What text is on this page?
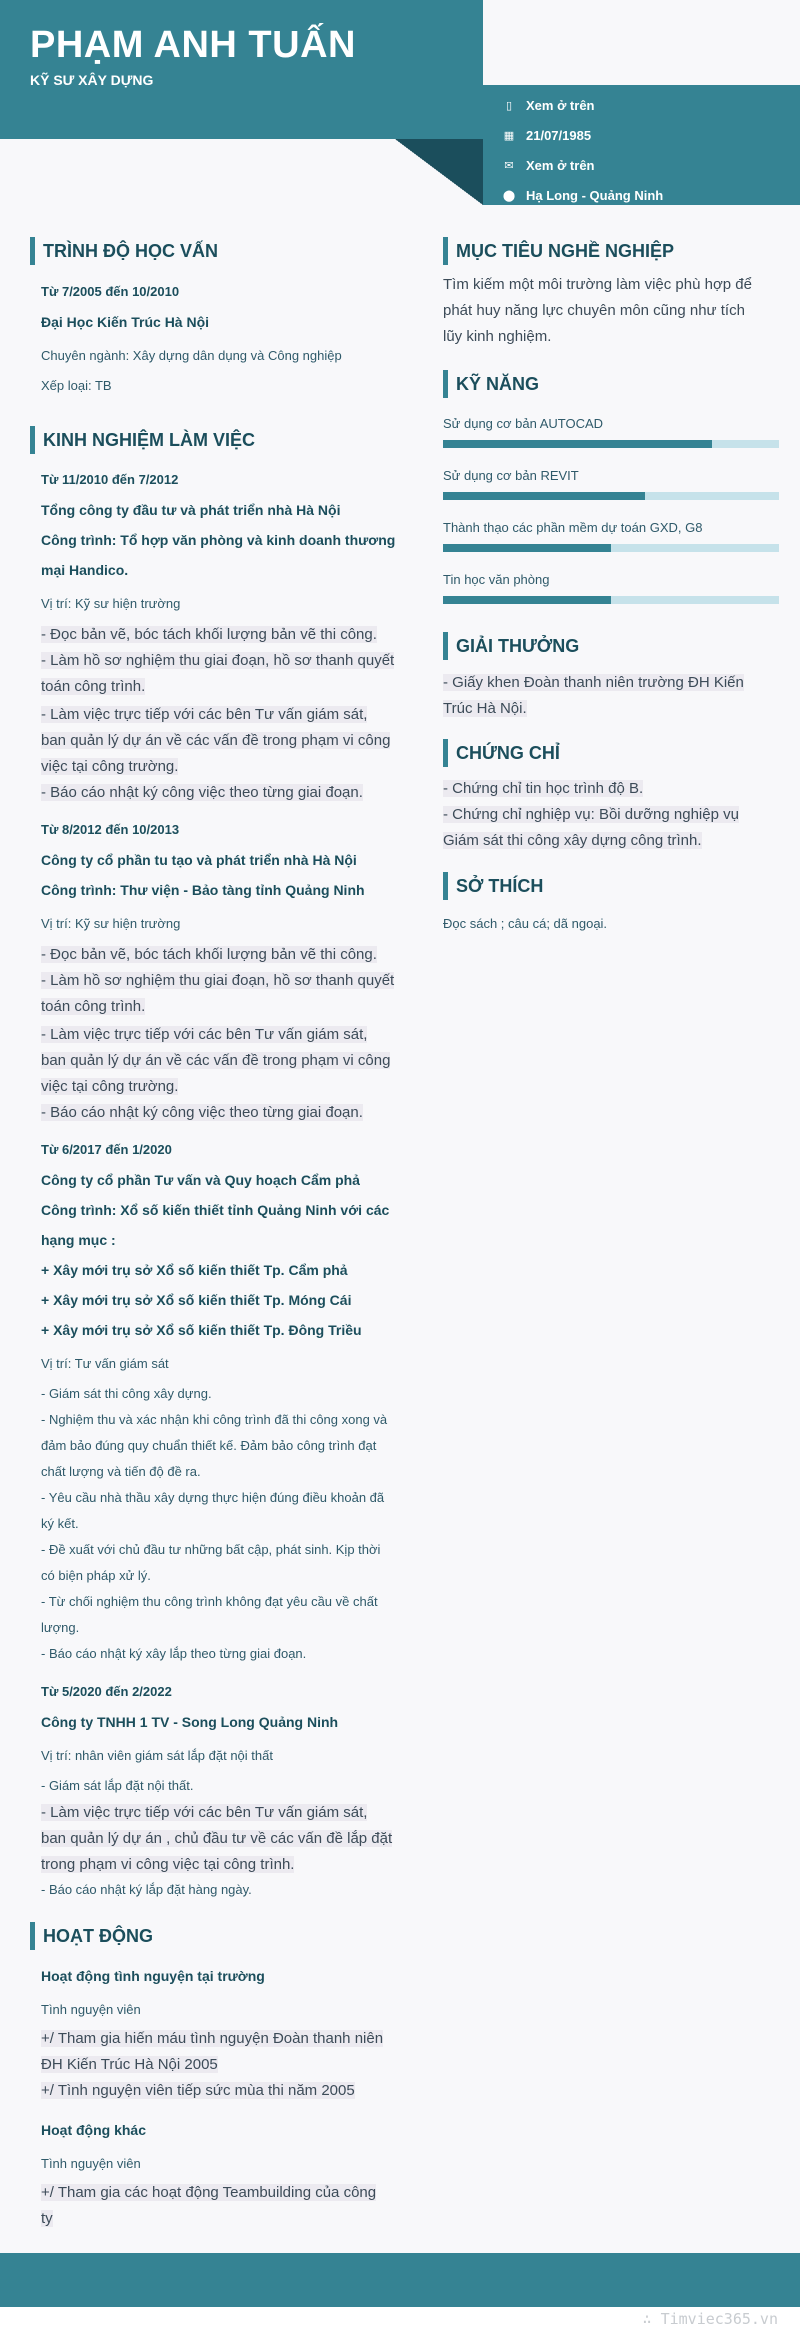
PHẠM ANH TUẤN
KỸ SƯ XÂY DỰNG
∴ Timviec365.vn
▯	Xem ở trên
▦ 21/07/1985
✉ Xem ở trên
⬤ Hạ Long - Quảng Ninh
TRÌNH ĐỘ HỌC VẤN
Từ 7/2005 đến 10/2010
Đại Học Kiến Trúc Hà Nội
Chuyên ngành: Xây dựng dân dụng và Công nghiệp
Xếp loại: TB
KINH NGHIỆM LÀM VIỆC
Từ 11/2010 đến 7/2012
Tổng công ty đầu tư và phát triển nhà Hà Nội
Công trình: Tổ hợp văn phòng và kinh doanh thương
mại Handico.
Vị trí: Kỹ sư hiện trường
- Đọc bản vẽ, bóc tách khối lượng bản vẽ thi công.
- Làm hồ sơ nghiệm thu giai đoạn, hồ sơ thanh quyết
toán công trình.
- Làm việc trực tiếp với các bên Tư vấn giám sát,
ban quản lý dự án về các vấn đề trong phạm vi công
việc tại công trường.
- Báo cáo nhật ký công việc theo từng giai đoạn.
Từ 8/2012 đến 10/2013
Công ty cổ phần tu tạo và phát triển nhà Hà Nội
Công trình: Thư viện - Bảo tàng tỉnh Quảng Ninh
Vị trí: Kỹ sư hiện trường
- Đọc bản vẽ, bóc tách khối lượng bản vẽ thi công.
- Làm hồ sơ nghiệm thu giai đoạn, hồ sơ thanh quyết
toán công trình.
- Làm việc trực tiếp với các bên Tư vấn giám sát,
ban quản lý dự án về các vấn đề trong phạm vi công
việc tại công trường.
- Báo cáo nhật ký công việc theo từng giai đoạn.
Từ 6/2017 đến 1/2020
Công ty cổ phần Tư vấn và Quy hoạch Cẩm phả
Công trình: Xổ số kiến thiết tỉnh Quảng Ninh với các
hạng mục :
+ Xây mới trụ sở Xổ số kiến thiết Tp. Cẩm phả
+ Xây mới trụ sở Xổ số kiến thiết Tp. Móng Cái
+ Xây mới trụ sở Xổ số kiến thiết Tp. Đông Triều
Vị trí: Tư vấn giám sát
- Giám sát thi công xây dựng.
- Nghiệm thu và xác nhận khi công trình đã thi công xong và
đảm bảo đúng quy chuẩn thiết kế. Đảm bảo công trình đạt
chất lượng và tiến độ đề ra.
- Yêu cầu nhà thầu xây dựng thực hiện đúng điều khoản đã
ký kết.
- Đề xuất với chủ đầu tư những bất cập, phát sinh. Kịp thời
có biện pháp xử lý.
- Từ chối nghiệm thu công trình không đạt yêu cầu về chất
lượng.
- Báo cáo nhật ký xây lắp theo từng giai đoạn.
Từ 5/2020 đến 2/2022
Công ty TNHH 1 TV - Song Long Quảng Ninh
Vị trí: nhân viên giám sát lắp đặt nội thất
- Giám sát lắp đặt nội thất.
- Làm việc trực tiếp với các bên Tư vấn giám sát,
ban quản lý dự án , chủ đầu tư về các vấn đề lắp đặt
trong phạm vi công việc tại công trình.
- Báo cáo nhật ký lắp đặt hàng ngày.
HOẠT ĐỘNG
Hoạt động tình nguyện tại trường
Tình nguyện viên
+/ Tham gia hiến máu tình nguyện Đoàn thanh niên
ĐH Kiến Trúc Hà Nội 2005
+/ Tình nguyện viên tiếp sức mùa thi năm 2005
Hoạt động khác
Tình nguyện viên
+/ Tham gia các hoạt động Teambuilding của công
ty
MỤC TIÊU NGHỀ NGHIỆP
Tìm kiếm một môi trường làm việc phù hợp để
phát huy năng lực chuyên môn cũng như tích
lũy kinh nghiệm.
KỸ NĂNG
Sử dụng cơ bản AUTOCAD
Sử dụng cơ bản REVIT
Thành thạo các phần mềm dự toán GXD, G8
Tin học văn phòng
GIẢI THƯỞNG
- Giấy khen Đoàn thanh niên trường ĐH Kiến
Trúc Hà Nội.
CHỨNG CHỈ
- Chứng chỉ tin học trình độ B.
- Chứng chỉ nghiệp vụ: Bồi dưỡng nghiệp vụ
Giám sát thi công xây dựng công trình.
SỞ THÍCH
Đọc sách ; câu cá; dã ngoại.
